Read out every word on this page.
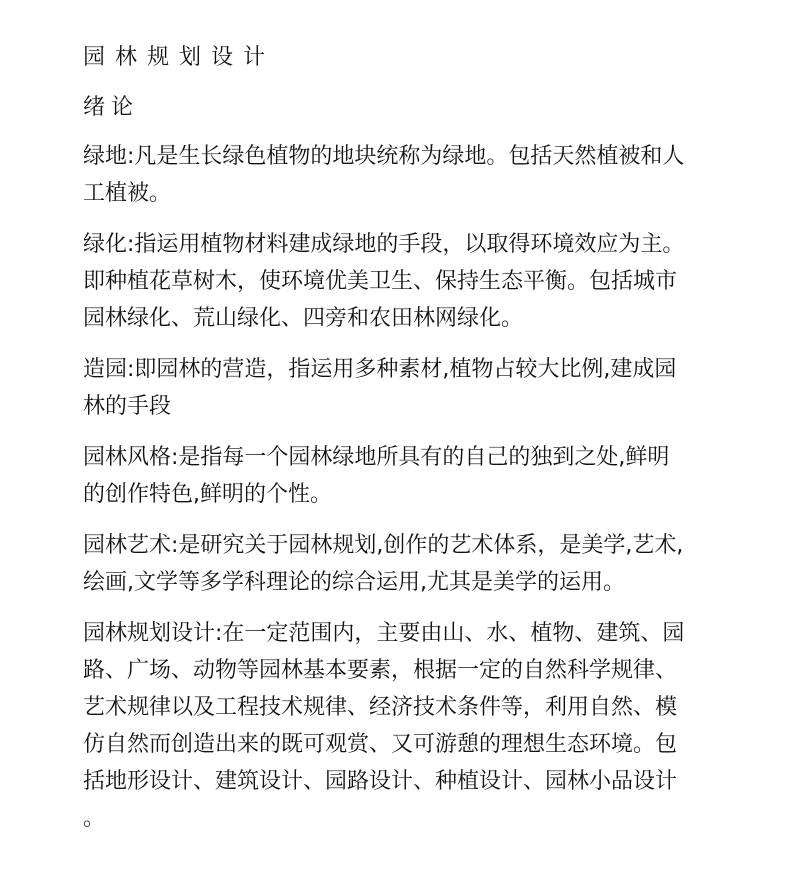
园林规划设计
绪论

绿地:凡是生长绿色植物的地块统称为绿地。包括天然植被和人
工植被。

绿化:指运用植物材料建成绿地的手段，以取得环境效应为主。
即种植花草树木，使环境优美卫生、保持生态平衡。包括城市
园林绿化、荒山绿化、四旁和农田林网绿化。

造园:即园林的营造，指运用多种素材,植物占较大比例,建成园
林的手段

园林风格:是指每一个园林绿地所具有的自己的独到之处,鲜明
的创作特色,鲜明的个性。

园林艺术:是研究关于园林规划,创作的艺术体系，是美学,艺术,
绘画,文学等多学科理论的综合运用,尤其是美学的运用。

园林规划设计:在一定范围内，主要由山、水、植物、建筑、园
路、广场、动物等园林基本要素，根据一定的自然科学规律、
艺术规律以及工程技术规律、经济技术条件等，利用自然、模
仿自然而创造出来的既可观赏、又可游憩的理想生态环境。包
括地形设计、建筑设计、园路设计、种植设计、园林小品设计
。
